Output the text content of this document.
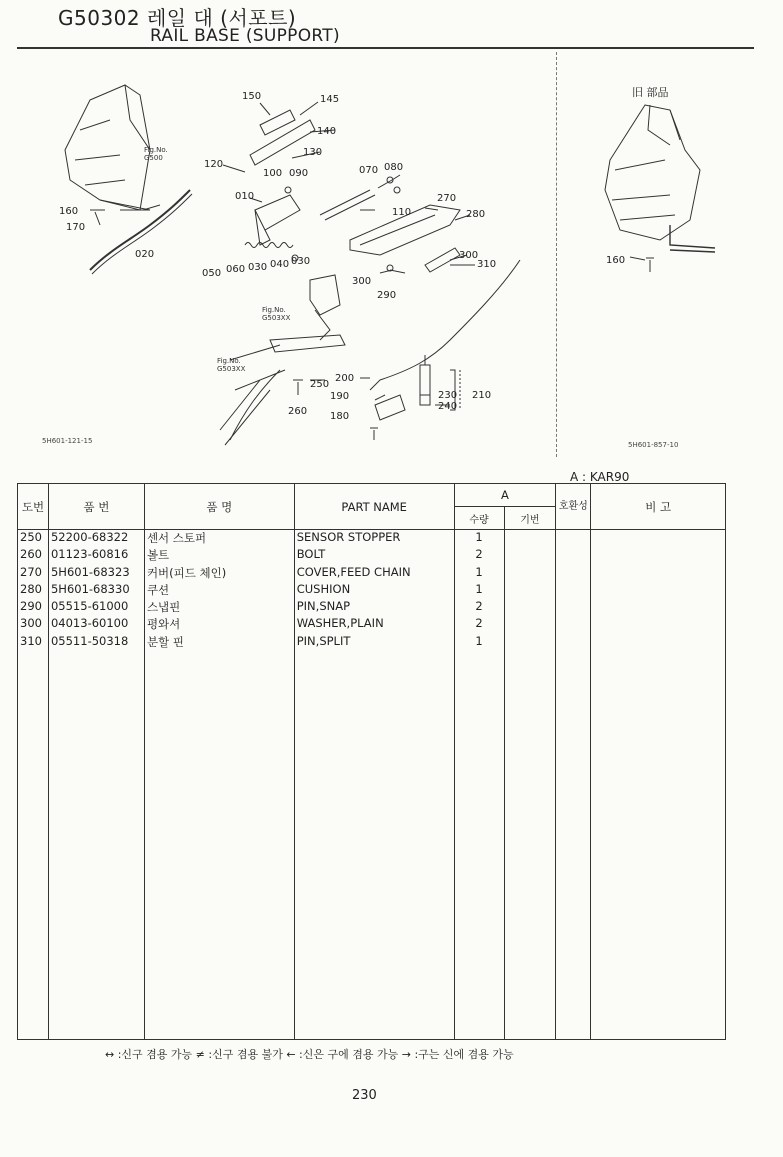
G50302 레일 대 (서포트)
RAIL BASE (SUPPORT)
150	145
140
130
120
100 090	070 080
010	270
110	280
160
170
020
050 060 030 040 030
300
310
300
290
250
200
190	230 210
240
180
260
Fig.No.
G500
Fig.No.
G503XX
Fig.No.
G503XX
5H601-121-15
旧 部品
160
5H601-857-10
A : KAR90
도번	품 번	품 명	PART NAME	A		호환성	비 고
				수량	기번		
250	52200-68322	센서 스토퍼	SENSOR STOPPER	1			
260	01123-60816	볼트	BOLT	2			
270	5H601-68323	커버(피드 체인)	COVER,FEED CHAIN	1			
280	5H601-68330	쿠션	CUSHION	1			
290	05515-61000	스냅핀	PIN,SNAP	2			
300	04013-60100	평와셔	WASHER,PLAIN	2			
310	05511-50318	분할 핀	PIN,SPLIT	1			

↔ :신구 겸용 가능 ≠ :신구 겸용 불가 ← :신은 구에 겸용 가능 → :구는 신에 겸용 가능
230
